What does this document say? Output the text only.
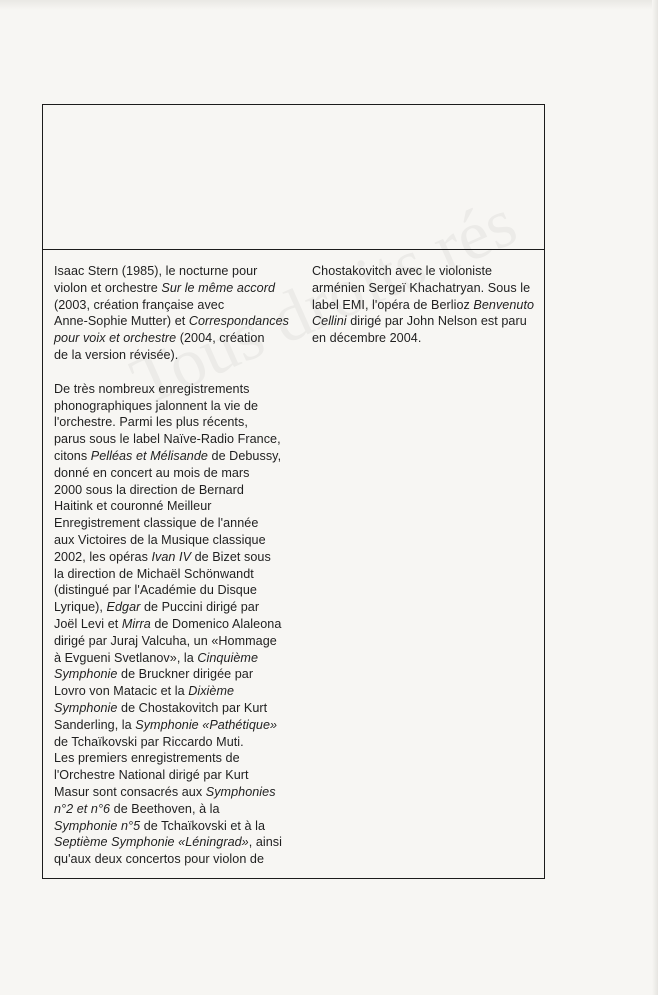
Isaac Stern (1985), le nocturne pour
violon et orchestre Sur le même accord
(2003, création française avec
Anne-Sophie Mutter) et Correspondances
pour voix et orchestre (2004, création
de la version révisée).

De très nombreux enregistrements
phonographiques jalonnent la vie de
l'orchestre. Parmi les plus récents,
parus sous le label Naïve-Radio France,
citons Pelléas et Mélisande de Debussy,
donné en concert au mois de mars
2000 sous la direction de Bernard
Haitink et couronné Meilleur
Enregistrement classique de l'année
aux Victoires de la Musique classique
2002, les opéras Ivan IV de Bizet sous
la direction de Michaël Schönwandt
(distingué par l'Académie du Disque
Lyrique), Edgar de Puccini dirigé par
Joël Levi et Mirra de Domenico Alaleona
dirigé par Juraj Valcuha, un «Hommage
à Evgueni Svetlanov», la Cinquième
Symphonie de Bruckner dirigée par
Lovro von Matacic et la Dixième
Symphonie de Chostakovitch par Kurt
Sanderling, la Symphonie «Pathétique»
de Tchaïkovski par Riccardo Muti.
Les premiers enregistrements de
l'Orchestre National dirigé par Kurt
Masur sont consacrés aux Symphonies
n°2 et n°6 de Beethoven, à la
Symphonie n°5 de Tchaïkovski et à la
Septième Symphonie «Léningrad», ainsi
qu'aux deux concertos pour violon de

Chostakovitch avec le violoniste
arménien Sergeï Khachatryan. Sous le
label EMI, l'opéra de Berlioz Benvenuto
Cellini dirigé par John Nelson est paru
en décembre 2004.
